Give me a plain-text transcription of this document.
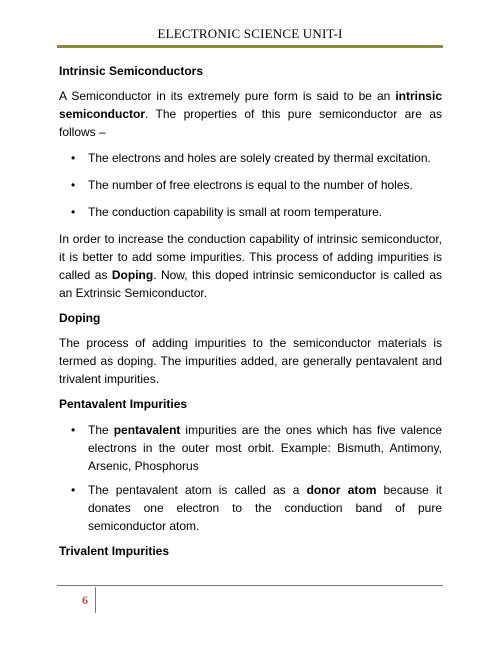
ELECTRONIC SCIENCE UNIT-I

Intrinsic Semiconductors

A Semiconductor in its extremely pure form is said to be an intrinsic semiconductor. The properties of this pure semiconductor are as follows –

• The electrons and holes are solely created by thermal excitation.
• The number of free electrons is equal to the number of holes.
• The conduction capability is small at room temperature.

In order to increase the conduction capability of intrinsic semiconductor, it is better to add some impurities. This process of adding impurities is called as Doping. Now, this doped intrinsic semiconductor is called as an Extrinsic Semiconductor.

Doping

The process of adding impurities to the semiconductor materials is termed as doping. The impurities added, are generally pentavalent and trivalent impurities.

Pentavalent Impurities

• The pentavalent impurities are the ones which has five valence electrons in the outer most orbit. Example: Bismuth, Antimony, Arsenic, Phosphorus
• The pentavalent atom is called as a donor atom because it donates one electron to the conduction band of pure semiconductor atom.

Trivalent Impurities

6
